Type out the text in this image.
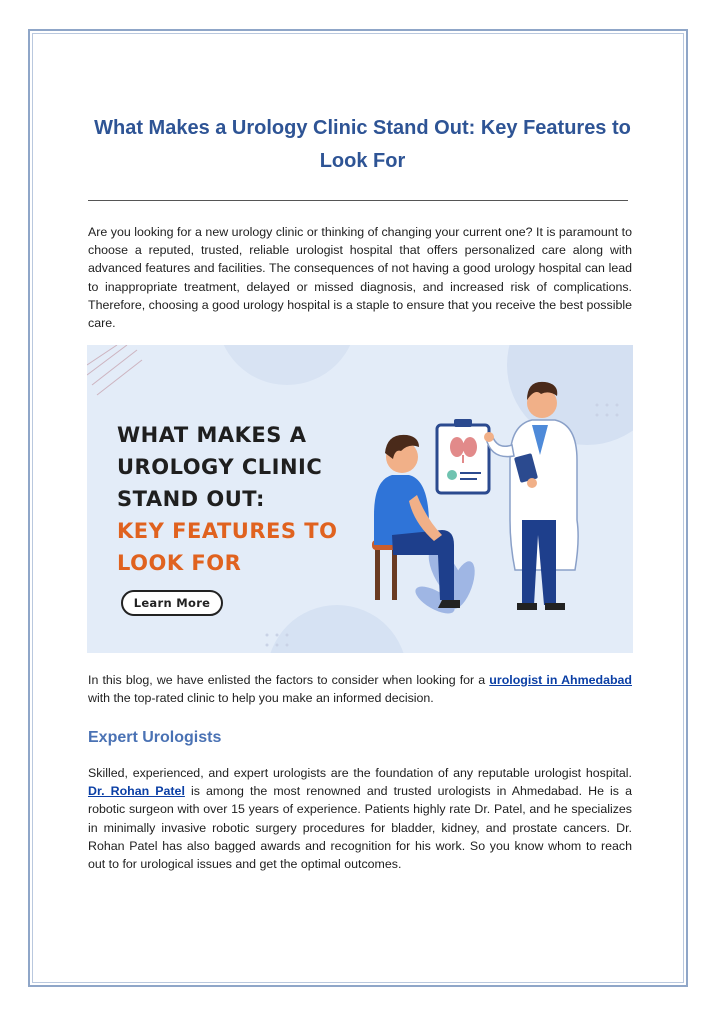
What Makes a Urology Clinic Stand Out: Key Features to Look For

Are you looking for a new urology clinic or thinking of changing your current one? It is paramount to choose a reputed, trusted, reliable urologist hospital that offers personalized care along with advanced features and facilities. The consequences of not having a good urology hospital can lead to inappropriate treatment, delayed or missed diagnosis, and increased risk of complications. Therefore, choosing a good urology hospital is a staple to ensure that you receive the best possible care.

WHAT MAKES A
UROLOGY CLINIC
STAND OUT:
KEY FEATURES TO
LOOK FOR
Learn More

In this blog, we have enlisted the factors to consider when looking for a urologist in Ahmedabad with the top-rated clinic to help you make an informed decision.

Expert Urologists

Skilled, experienced, and expert urologists are the foundation of any reputable urologist hospital. Dr. Rohan Patel is among the most renowned and trusted urologists in Ahmedabad. He is a robotic surgeon with over 15 years of experience. Patients highly rate Dr. Patel, and he specializes in minimally invasive robotic surgery procedures for bladder, kidney, and prostate cancers. Dr. Rohan Patel has also bagged awards and recognition for his work. So you know whom to reach out to for urological issues and get the optimal outcomes.
